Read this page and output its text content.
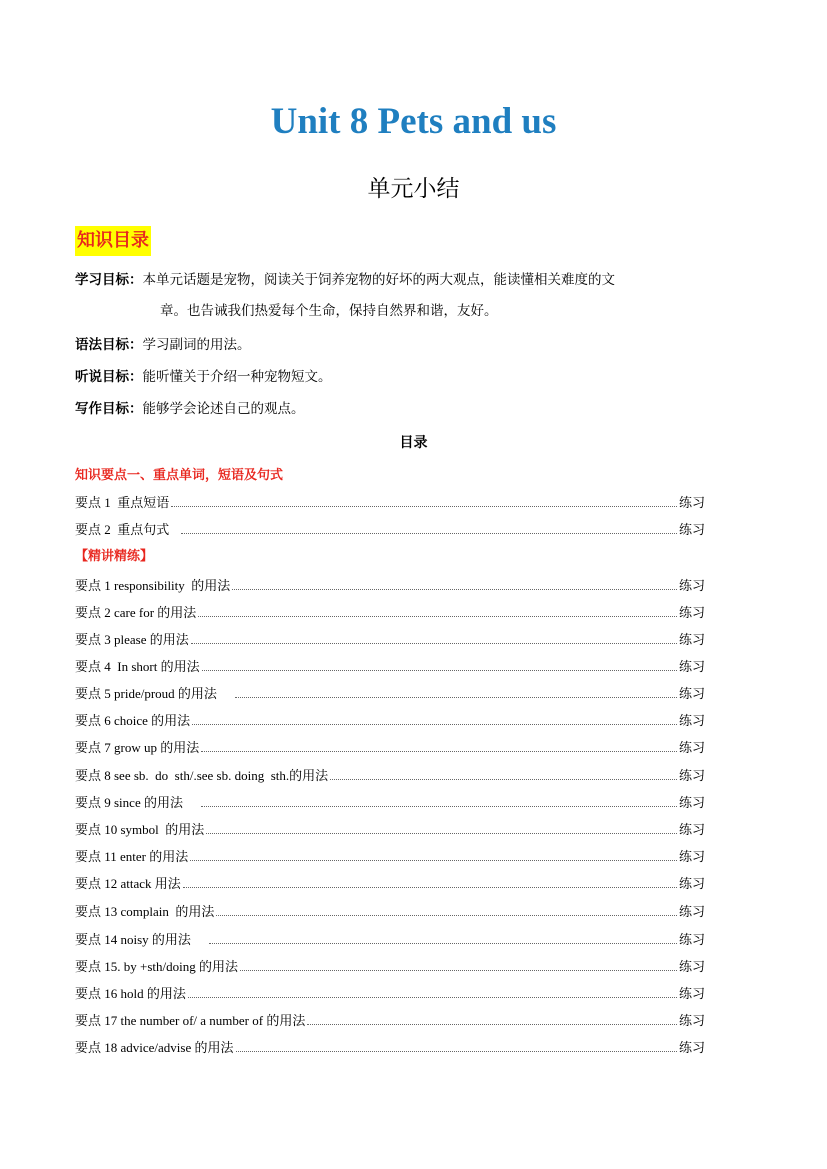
Unit 8 Pets and us
单元小结
知识目录
学习目标：本单元话题是宠物，阅读关于饲养宠物的好坏的两大观点，能读懂相关难度的文
章。也告诫我们热爱每个生命，保持自然界和谐，友好。
语法目标：学习副词的用法。
听说目标：能听懂关于介绍一种宠物短文。
写作目标：能够学会论述自己的观点。
目录
知识要点一、重点单词，短语及句式
要点 1  重点短语	练习
要点 2  重点句式	练习
【精讲精练】
要点 1 responsibility  的用法	练习
要点 2 care for 的用法	练习
要点 3 please 的用法	练习
要点 4  In short 的用法	练习
要点 5 pride/proud 的用法	练习
要点 6 choice 的用法	练习
要点 7 grow up 的用法	练习
要点 8 see sb.  do  sth/.see sb. doing  sth.的用法	练习
要点 9 since 的用法	练习
要点 10 symbol  的用法	练习
要点 11 enter 的用法	练习
要点 12 attack 用法	练习
要点 13 complain  的用法	练习
要点 14 noisy 的用法	练习
要点 15. by +sth/doing 的用法	练习
要点 16 hold 的用法	练习
要点 17 the number of/ a number of 的用法	练习
要点 18 advice/advise 的用法	练习
